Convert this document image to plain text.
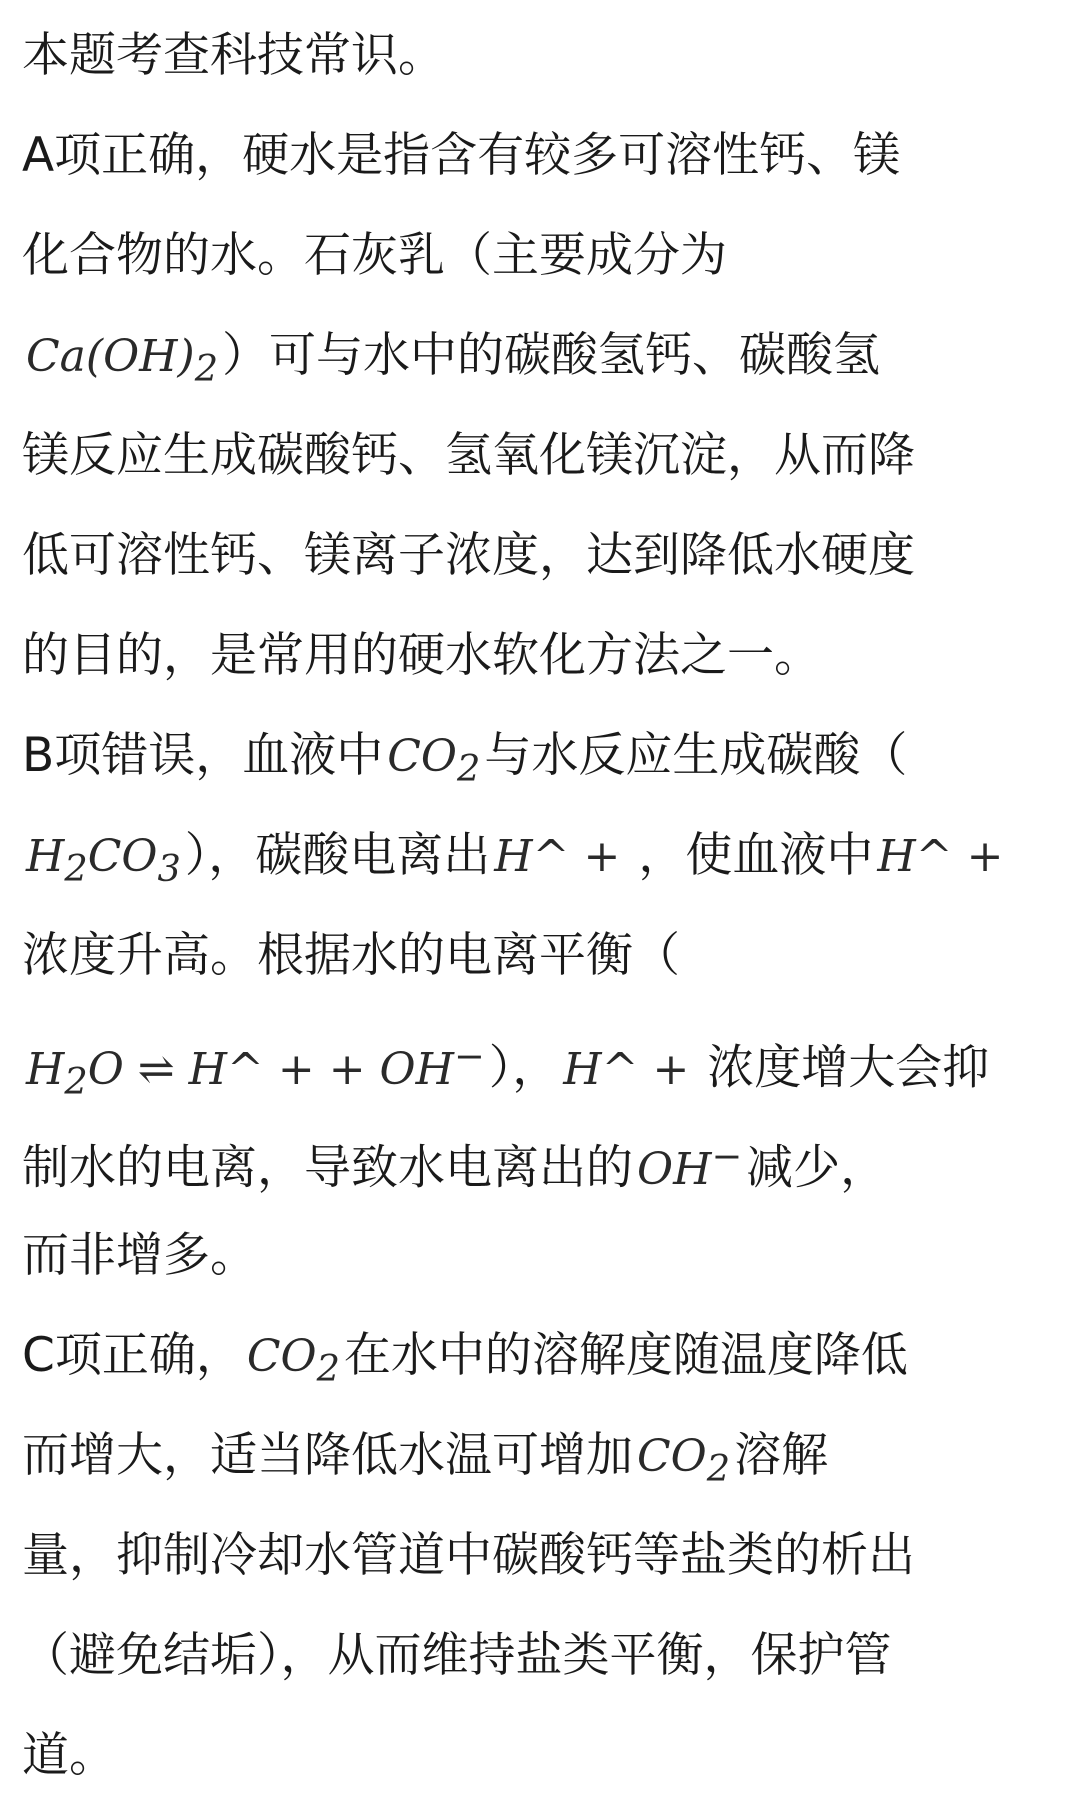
本题考查科技常识。
A项正确，硬水是指含有较多可溶性钙、镁
化合物的水。石灰乳（主要成分为
$Ca(OH)_2$）可与水中的碳酸氢钙、碳酸氢
镁反应生成碳酸钙、氢氧化镁沉淀，从而降
低可溶性钙、镁离子浓度，达到降低水硬度
的目的，是常用的硬水软化方法之一。
B项错误，血液中$CO_2$与水反应生成碳酸（
$H_2CO_3$），碳酸电离出H^ + ，使血液中H^ +
浓度升高。根据水的电离平衡（
$H_2O$ ⇌ H^ + + OH−），H^ + 浓度增大会抑
制水的电离，导致水电离出的OH−减少，
而非增多。
C项正确，$CO_2$在水中的溶解度随温度降低
而增大，适当降低水温可增加$CO_2$溶解
量，抑制冷却水管道中碳酸钙等盐类的析出
（避免结垢），从而维持盐类平衡，保护管
道。
